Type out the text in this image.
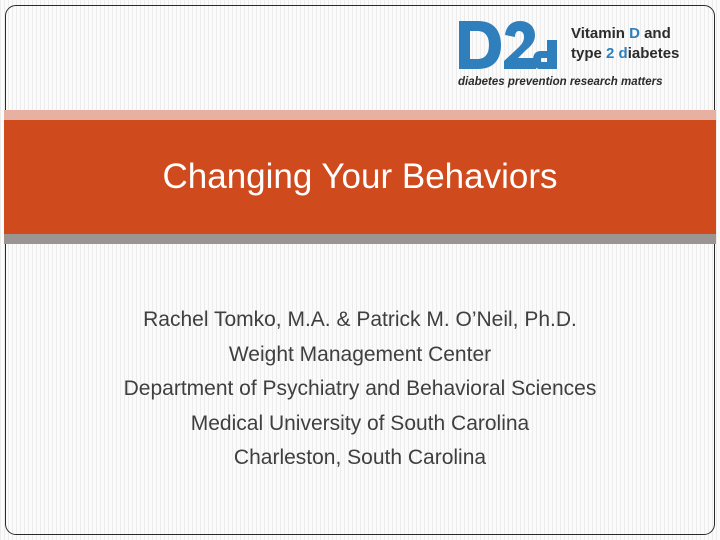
Vitamin D and
type 2 diabetes
diabetes prevention research matters
Changing Your Behaviors
Rachel Tomko, M.A. & Patrick M. O’Neil, Ph.D.
Weight Management Center
Department of Psychiatry and Behavioral Sciences
Medical University of South Carolina
Charleston, South Carolina
